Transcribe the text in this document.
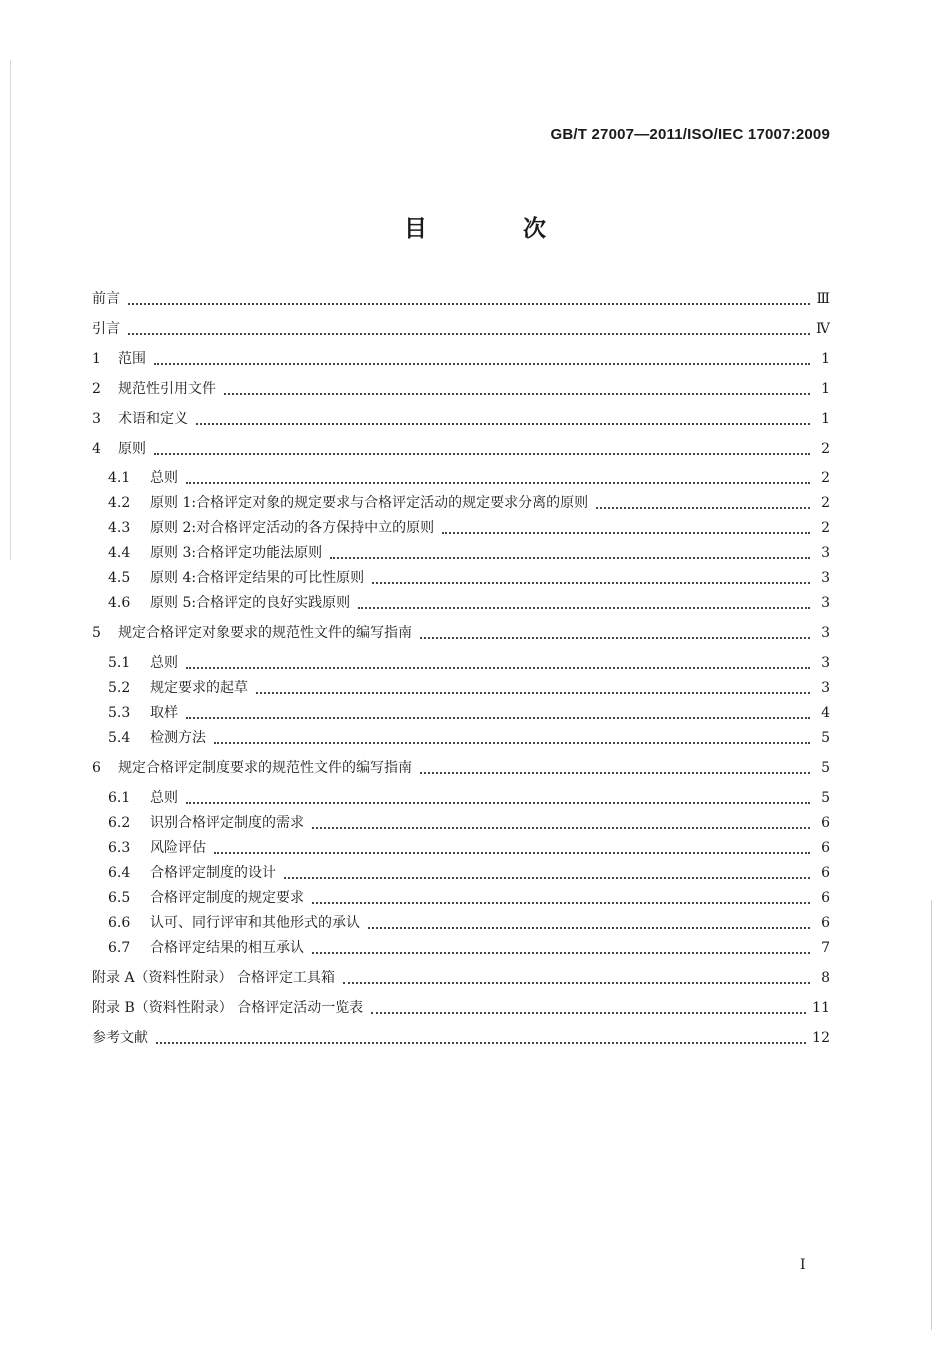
GB/T 27007—2011/ISO/IEC 17007:2009
目 次
前言	Ⅲ
引言	Ⅳ
1	范围	1
2	规范性引用文件	1
3	术语和定义	1
4	原则	2
4.1	总则	2
4.2	原则 1:合格评定对象的规定要求与合格评定活动的规定要求分离的原则	2
4.3	原则 2:对合格评定活动的各方保持中立的原则	2
4.4	原则 3:合格评定功能法原则	3
4.5	原则 4:合格评定结果的可比性原则	3
4.6	原则 5:合格评定的良好实践原则	3
5	规定合格评定对象要求的规范性文件的编写指南	3
5.1	总则	3
5.2	规定要求的起草	3
5.3	取样	4
5.4	检测方法	5
6	规定合格评定制度要求的规范性文件的编写指南	5
6.1	总则	5
6.2	识别合格评定制度的需求	6
6.3	风险评估	6
6.4	合格评定制度的设计	6
6.5	合格评定制度的规定要求	6
6.6	认可、同行评审和其他形式的承认	6
6.7	合格评定结果的相互承认	7
附录 A（资料性附录） 合格评定工具箱	8
附录 B（资料性附录） 合格评定活动一览表	11
参考文献	12
I
